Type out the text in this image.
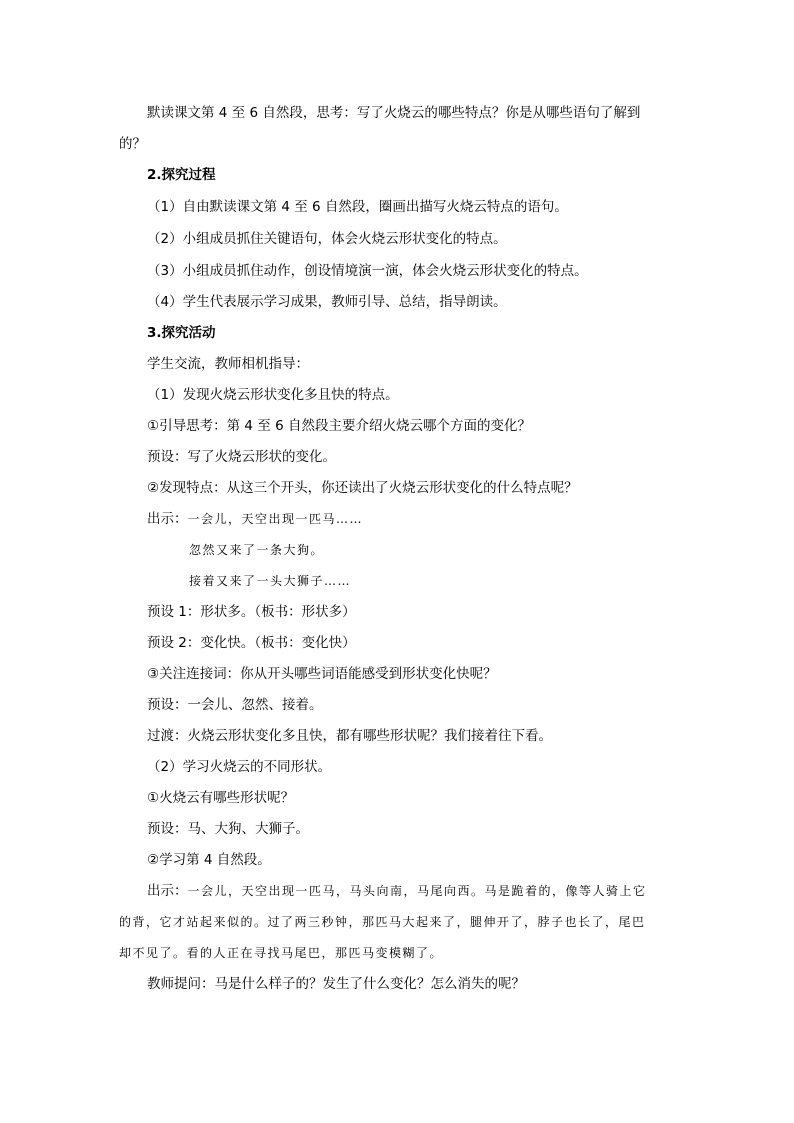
默读课文第 4 至 6 自然段，思考：写了火烧云的哪些特点？你是从哪些语句了解到
的？
2.探究过程
（1）自由默读课文第 4 至 6 自然段，圈画出描写火烧云特点的语句。
（2）小组成员抓住关键语句，体会火烧云形状变化的特点。
（3）小组成员抓住动作，创设情境演一演，体会火烧云形状变化的特点。
（4）学生代表展示学习成果，教师引导、总结，指导朗读。
3.探究活动
学生交流，教师相机指导：
（1）发现火烧云形状变化多且快的特点。
①引导思考：第 4 至 6 自然段主要介绍火烧云哪个方面的变化？
预设：写了火烧云形状的变化。
②发现特点：从这三个开头，你还读出了火烧云形状变化的什么特点呢？
出示：一会儿，天空出现一匹马……
忽然又来了一条大狗。
接着又来了一头大狮子……
预设 1：形状多。（板书：形状多）
预设 2：变化快。（板书：变化快）
③关注连接词：你从开头哪些词语能感受到形状变化快呢？
预设：一会儿、忽然、接着。
过渡：火烧云形状变化多且快，都有哪些形状呢？我们接着往下看。
（2）学习火烧云的不同形状。
①火烧云有哪些形状呢？
预设：马、大狗、大狮子。
②学习第 4 自然段。
出示：一会儿，天空出现一匹马，马头向南，马尾向西。马是跪着的，像等人骑上它
的背，它才站起来似的。过了两三秒钟，那匹马大起来了，腿伸开了，脖子也长了，尾巴
却不见了。看的人正在寻找马尾巴，那匹马变模糊了。
教师提问：马是什么样子的？发生了什么变化？怎么消失的呢？
